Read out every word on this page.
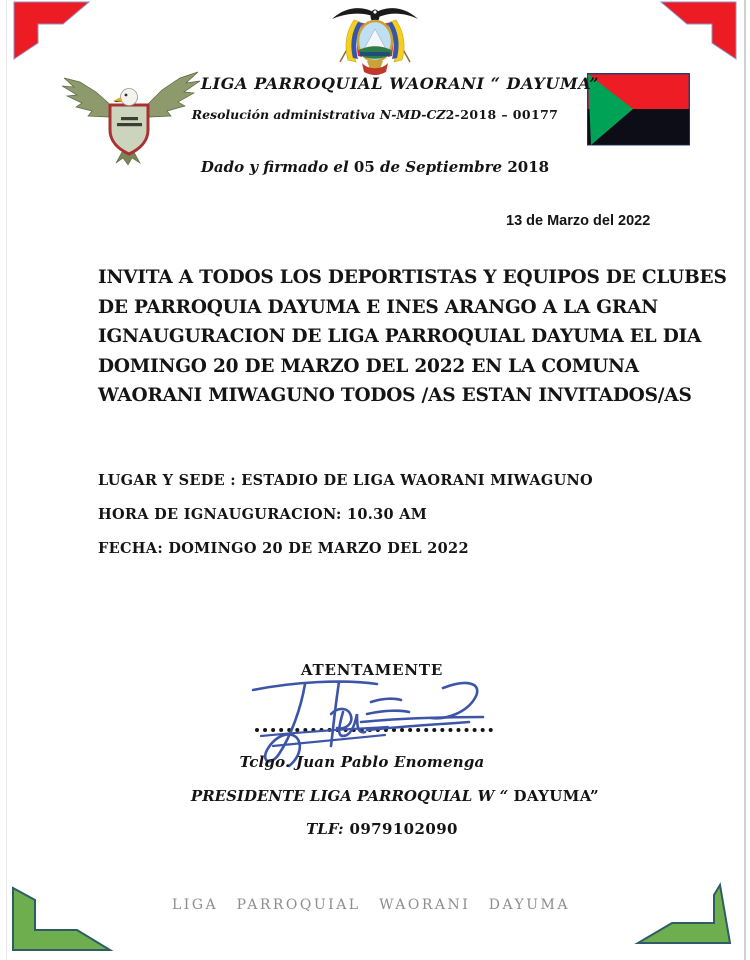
LIGA PARROQUIAL WAORANI “ DAYUMA”
Resolución administrativa N-MD-CZ2-2018 – 00177
Dado y firmado el 05 de Septiembre 2018
13 de Marzo del 2022
INVITA A TODOS LOS DEPORTISTAS Y EQUIPOS DE CLUBES
DE PARROQUIA DAYUMA E INES ARANGO A LA GRAN
IGNAUGURACION DE LIGA PARROQUIAL DAYUMA EL DIA
DOMINGO 20 DE MARZO DEL 2022 EN LA COMUNA
WAORANI MIWAGUNO TODOS /AS ESTAN INVITADOS/AS
LUGAR Y SEDE : ESTADIO DE LIGA WAORANI MIWAGUNO
HORA DE IGNAUGURACION: 10.30 AM
FECHA: DOMINGO 20 DE MARZO DEL 2022
ATENTAMENTE
Tclgo. Juan Pablo Enomenga
PRESIDENTE LIGA PARROQUIAL W “ DAYUMA”
TLF: 0979102090
LIGA PARROQUIAL WAORANI DAYUMA
